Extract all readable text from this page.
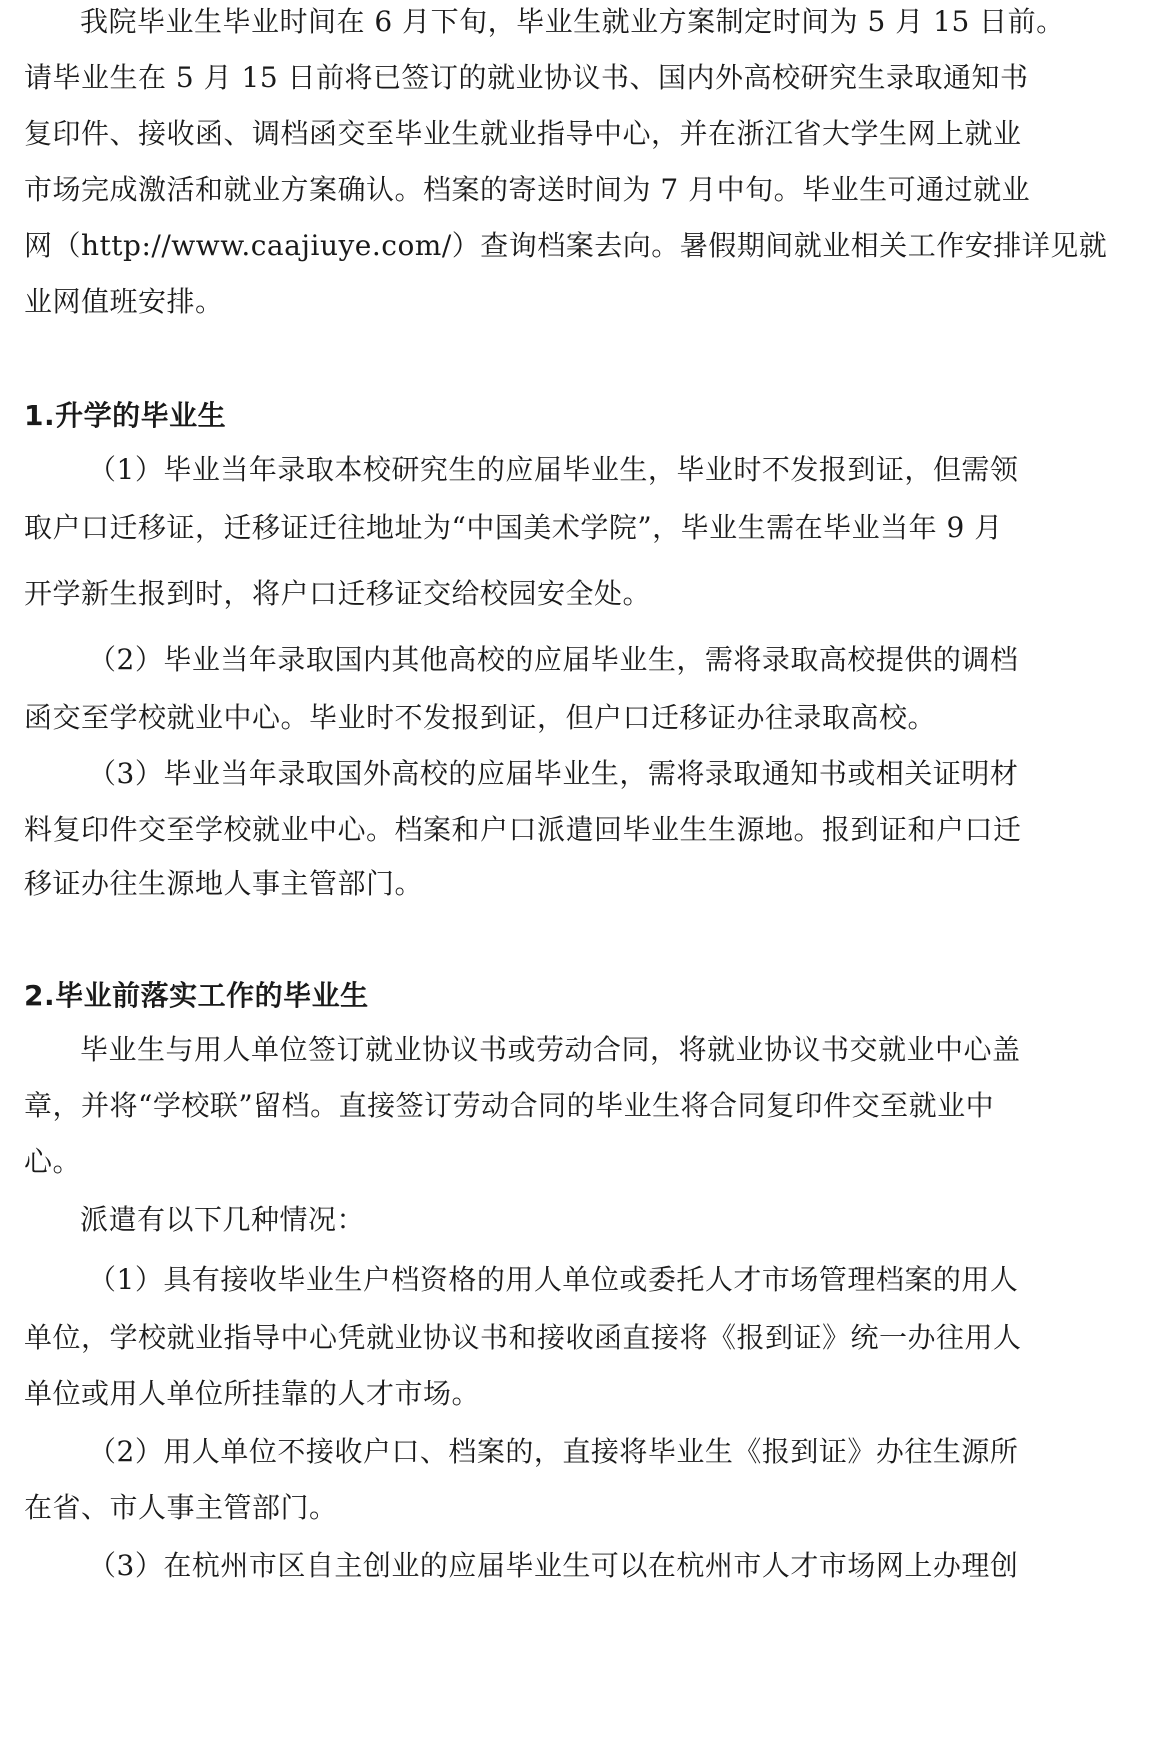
我院毕业生毕业时间在 6 月下旬，毕业生就业方案制定时间为 5 月 15 日前。
请毕业生在 5 月 15 日前将已签订的就业协议书、国内外高校研究生录取通知书
复印件、接收函、调档函交至毕业生就业指导中心，并在浙江省大学生网上就业
市场完成激活和就业方案确认。档案的寄送时间为 7 月中旬。毕业生可通过就业
网（http://www.caajiuye.com/）查询档案去向。暑假期间就业相关工作安排详见就
业网值班安排。
1.升学的毕业生
（1）毕业当年录取本校研究生的应届毕业生，毕业时不发报到证，但需领
取户口迁移证，迁移证迁往地址为“中国美术学院”，毕业生需在毕业当年 9 月
开学新生报到时，将户口迁移证交给校园安全处。
（2）毕业当年录取国内其他高校的应届毕业生，需将录取高校提供的调档
函交至学校就业中心。毕业时不发报到证，但户口迁移证办往录取高校。
（3）毕业当年录取国外高校的应届毕业生，需将录取通知书或相关证明材
料复印件交至学校就业中心。档案和户口派遣回毕业生生源地。报到证和户口迁
移证办往生源地人事主管部门。
2.毕业前落实工作的毕业生
毕业生与用人单位签订就业协议书或劳动合同，将就业协议书交就业中心盖
章，并将“学校联”留档。直接签订劳动合同的毕业生将合同复印件交至就业中
心。
派遣有以下几种情况：
（1）具有接收毕业生户档资格的用人单位或委托人才市场管理档案的用人
单位，学校就业指导中心凭就业协议书和接收函直接将《报到证》统一办往用人
单位或用人单位所挂靠的人才市场。
（2）用人单位不接收户口、档案的，直接将毕业生《报到证》办往生源所
在省、市人事主管部门。
（3）在杭州市区自主创业的应届毕业生可以在杭州市人才市场网上办理创
